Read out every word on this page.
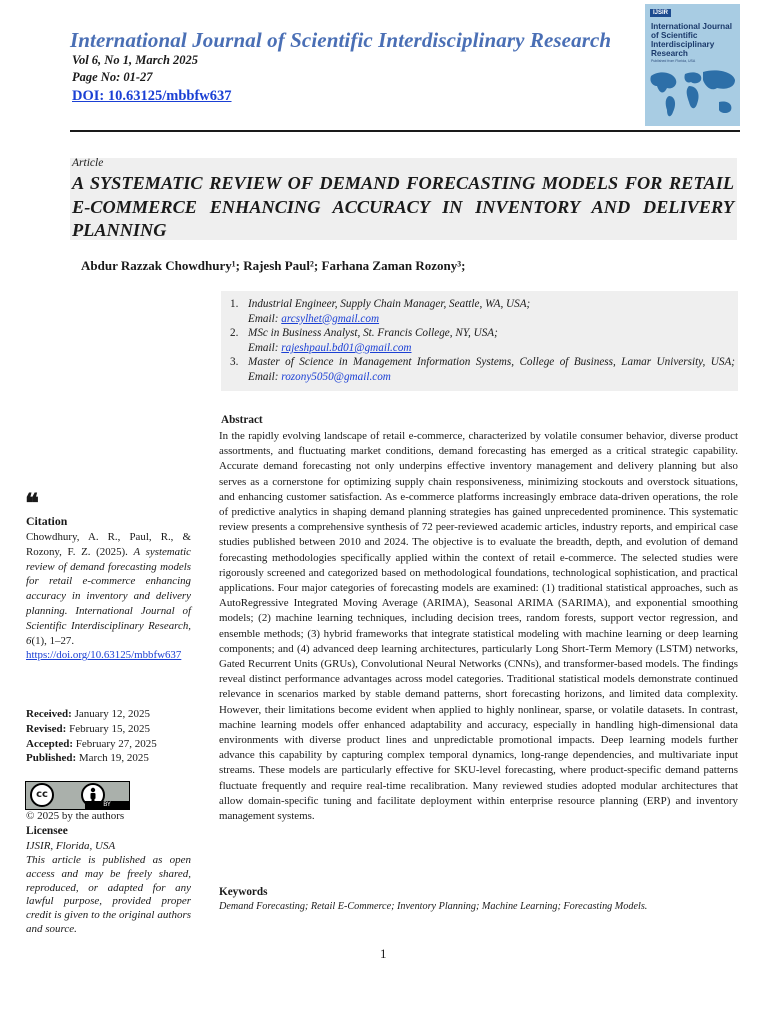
International Journal of Scientific Interdisciplinary Research
Vol 6, No 1, March 2025
Page No: 01-27
DOI: 10.63125/mbbfw637
IJSIR
International Journal of Scientific Interdisciplinary Research
Published from Florida, USA
Article
A SYSTEMATIC REVIEW OF DEMAND FORECASTING MODELS FOR RETAIL E-COMMERCE ENHANCING ACCURACY IN INVENTORY AND DELIVERY PLANNING
Abdur Razzak Chowdhury¹; Rajesh Paul²; Farhana Zaman Rozony³;
1. Industrial Engineer, Supply Chain Manager, Seattle, WA, USA;
Email: arcsylhet@gmail.com
2. MSc in Business Analyst, St. Francis College, NY, USA;
Email: rajeshpaul.bd01@gmail.com
3. Master of Science in Management Information Systems, College of Business, Lamar University, USA; Email: rozony5050@gmail.com
Abstract
In the rapidly evolving landscape of retail e-commerce, characterized by volatile consumer behavior, diverse product assortments, and fluctuating market conditions, demand forecasting has emerged as a critical strategic capability. Accurate demand forecasting not only underpins effective inventory management and delivery planning but also serves as a cornerstone for optimizing supply chain responsiveness, minimizing stockouts and overstock situations, and enhancing customer satisfaction. As e-commerce platforms increasingly embrace data-driven operations, the role of predictive analytics in shaping demand planning strategies has gained unprecedented prominence. This systematic review presents a comprehensive synthesis of 72 peer-reviewed academic articles, industry reports, and empirical case studies published between 2010 and 2024. The objective is to evaluate the breadth, depth, and evolution of demand forecasting methodologies specifically applied within the context of retail e-commerce. The selected studies were rigorously screened and categorized based on methodological foundations, technological sophistication, and practical applications. Four major categories of forecasting models are examined: (1) traditional statistical approaches, such as AutoRegressive Integrated Moving Average (ARIMA), Seasonal ARIMA (SARIMA), and exponential smoothing models; (2) machine learning techniques, including decision trees, random forests, support vector regression, and ensemble methods; (3) hybrid frameworks that integrate statistical modeling with machine learning or deep learning components; and (4) advanced deep learning architectures, particularly Long Short-Term Memory (LSTM) networks, Gated Recurrent Units (GRUs), Convolutional Neural Networks (CNNs), and transformer-based models. The findings reveal distinct performance advantages across model categories. Traditional statistical models demonstrate continued relevance in scenarios marked by stable demand patterns, short forecasting horizons, and limited data complexity. However, their limitations become evident when applied to highly nonlinear, sparse, or volatile datasets. In contrast, machine learning models offer enhanced adaptability and accuracy, especially in handling high-dimensional data environments with diverse product lines and unpredictable promotional impacts. Deep learning models further advance this capability by capturing complex temporal dynamics, long-range dependencies, and multivariate input streams. These models are particularly effective for SKU-level forecasting, where product-specific demand patterns fluctuate frequently and require real-time recalibration. Many reviewed studies adopted modular architectures that allow domain-specific tuning and facilitate deployment within enterprise resource planning (ERP) and inventory management systems.
Keywords
Demand Forecasting; Retail E-Commerce; Inventory Planning; Machine Learning; Forecasting Models.
❝
Citation
Chowdhury, A. R., Paul, R., & Rozony, F. Z. (2025). A systematic review of demand forecasting models for retail e-commerce enhancing accuracy in inventory and delivery planning. International Journal of Scientific Interdisciplinary Research, 6(1), 1–27.
https://doi.org/10.63125/mbbfw637
Received: January 12, 2025
Revised: February 15, 2025
Accepted: February 27, 2025
Published: March 19, 2025
cc
BY
© 2025 by the authors
Licensee
IJSIR, Florida, USA
This article is published as open access and may be freely shared, reproduced, or adapted for any lawful purpose, provided proper credit is given to the original authors and source.
1
